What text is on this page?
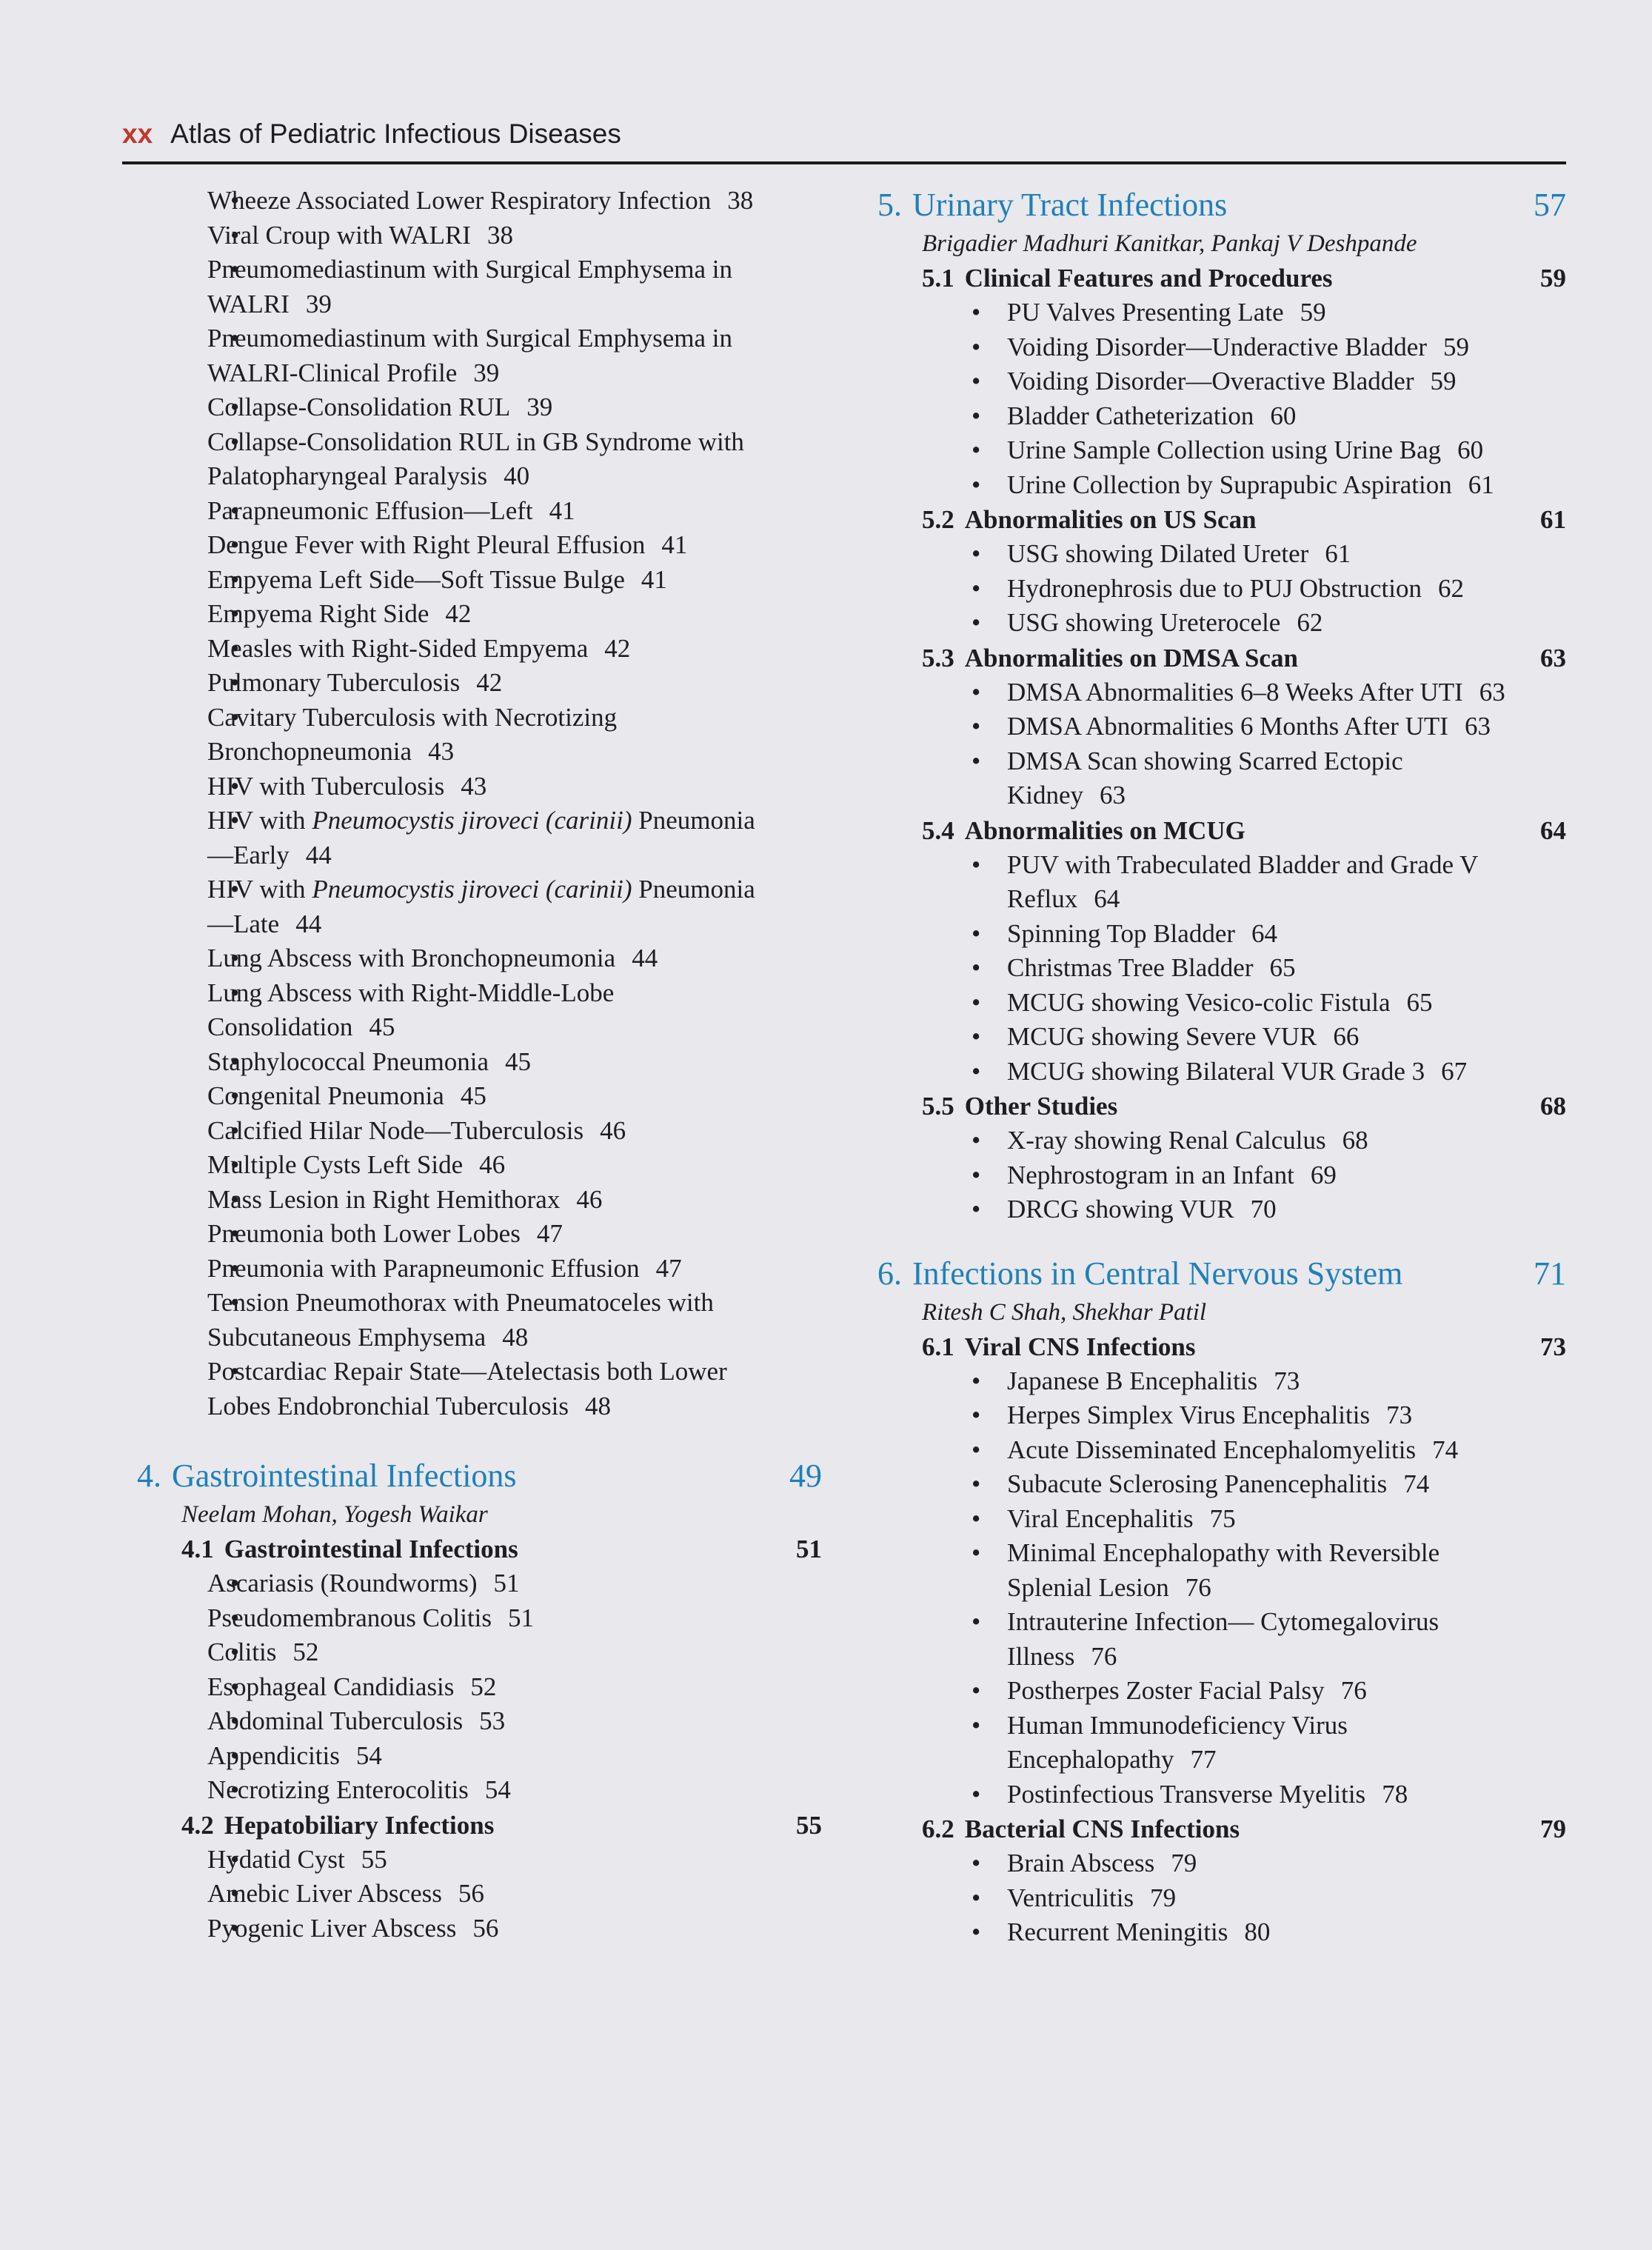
xx Atlas of Pediatric Infectious Diseases
• Wheeze Associated Lower Respiratory Infection 38
• Viral Croup with WALRI 38
• Pneumomediastinum with Surgical Emphysema in WALRI 39
• Pneumomediastinum with Surgical Emphysema in WALRI-Clinical Profile 39
• Collapse-Consolidation RUL 39
• Collapse-Consolidation RUL in GB Syndrome with Palatopharyngeal Paralysis 40
• Parapneumonic Effusion—Left 41
• Dengue Fever with Right Pleural Effusion 41
• Empyema Left Side—Soft Tissue Bulge 41
• Empyema Right Side 42
• Measles with Right-Sided Empyema 42
• Pulmonary Tuberculosis 42
• Cavitary Tuberculosis with Necrotizing Bronchopneumonia 43
• HIV with Tuberculosis 43
• HIV with Pneumocystis jiroveci (carinii) Pneumonia—Early 44
• HIV with Pneumocystis jiroveci (carinii) Pneumonia—Late 44
• Lung Abscess with Bronchopneumonia 44
• Lung Abscess with Right-Middle-Lobe Consolidation 45
• Staphylococcal Pneumonia 45
• Congenital Pneumonia 45
• Calcified Hilar Node—Tuberculosis 46
• Multiple Cysts Left Side 46
• Mass Lesion in Right Hemithorax 46
• Pneumonia both Lower Lobes 47
• Pneumonia with Parapneumonic Effusion 47
• Tension Pneumothorax with Pneumatoceles with Subcutaneous Emphysema 48
• Postcardiac Repair State—Atelectasis both Lower Lobes Endobronchial Tuberculosis 48
4. Gastrointestinal Infections	49
Neelam Mohan, Yogesh Waikar
4.1 Gastrointestinal Infections	51
• Ascariasis (Roundworms) 51
• Pseudomembranous Colitis 51
• Colitis 52
• Esophageal Candidiasis 52
• Abdominal Tuberculosis 53
• Appendicitis 54
• Necrotizing Enterocolitis 54
4.2 Hepatobiliary Infections	55
• Hydatid Cyst 55
• Amebic Liver Abscess 56
• Pyogenic Liver Abscess 56
5. Urinary Tract Infections	57
Brigadier Madhuri Kanitkar, Pankaj V Deshpande
5.1 Clinical Features and Procedures	59
• PU Valves Presenting Late 59
• Voiding Disorder—Underactive Bladder 59
• Voiding Disorder—Overactive Bladder 59
• Bladder Catheterization 60
• Urine Sample Collection using Urine Bag 60
• Urine Collection by Suprapubic Aspiration 61
5.2 Abnormalities on US Scan	61
• USG showing Dilated Ureter 61
• Hydronephrosis due to PUJ Obstruction 62
• USG showing Ureterocele 62
5.3 Abnormalities on DMSA Scan	63
• DMSA Abnormalities 6–8 Weeks After UTI 63
• DMSA Abnormalities 6 Months After UTI 63
• DMSA Scan showing Scarred Ectopic Kidney 63
5.4 Abnormalities on MCUG	64
• PUV with Trabeculated Bladder and Grade V Reflux 64
• Spinning Top Bladder 64
• Christmas Tree Bladder 65
• MCUG showing Vesico-colic Fistula 65
• MCUG showing Severe VUR 66
• MCUG showing Bilateral VUR Grade 3 67
5.5 Other Studies	68
• X-ray showing Renal Calculus 68
• Nephrostogram in an Infant 69
• DRCG showing VUR 70
6. Infections in Central Nervous System	71
Ritesh C Shah, Shekhar Patil
6.1 Viral CNS Infections	73
• Japanese B Encephalitis 73
• Herpes Simplex Virus Encephalitis 73
• Acute Disseminated Encephalomyelitis 74
• Subacute Sclerosing Panencephalitis 74
• Viral Encephalitis 75
• Minimal Encephalopathy with Reversible Splenial Lesion 76
• Intrauterine Infection— Cytomegalovirus Illness 76
• Postherpes Zoster Facial Palsy 76
• Human Immunodeficiency Virus Encephalopathy 77
• Postinfectious Transverse Myelitis 78
6.2 Bacterial CNS Infections	79
• Brain Abscess 79
• Ventriculitis 79
• Recurrent Meningitis 80
